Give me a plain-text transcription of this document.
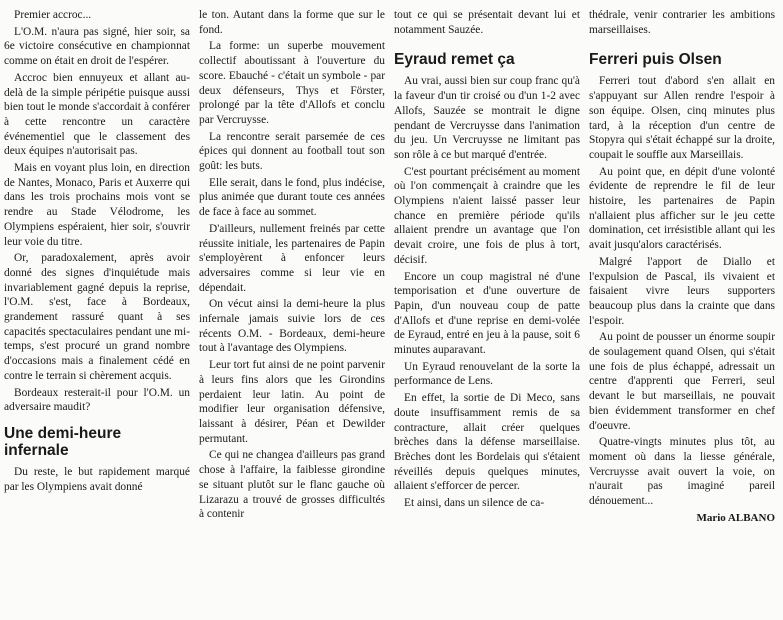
Premier accroc...

L'O.M. n'aura pas signé, hier soir, sa 6e victoire consécutive en championnat comme on était en droit de l'espérer.

Accroc bien ennuyeux et allant au-delà de la simple péripétie puisque aussi bien tout le monde s'accordait à conférer à cette rencontre un caractère événementiel que le classement des deux équipes n'autorisait pas.

Mais en voyant plus loin, en direction de Nantes, Monaco, Paris et Auxerre qui dans les trois prochains mois vont se rendre au Stade Vélodrome, les Olympiens espéraient, hier soir, s'ouvrir leur voie du titre.

Or, paradoxalement, après avoir donné des signes d'inquiétude mais invariablement gagné depuis la reprise, l'O.M. s'est, face à Bordeaux, grandement rassuré quant à ses capacités spectaculaires pendant une mi-temps, s'est procuré un grand nombre d'occasions mais a finalement cédé en contre le terrain si chèrement acquis.

Bordeaux resterait-il pour l'O.M. un adversaire maudit?

Une demi-heure infernale

Du reste, le but rapidement marqué par les Olympiens avait donné

le ton. Autant dans la forme que sur le fond.

La forme: un superbe mouvement collectif aboutissant à l'ouverture du score. Ebauché - c'était un symbole - par deux défenseurs, Thys et Förster, prolongé par la tête d'Allofs et conclu par Vercruysse.

La rencontre serait parsemée de ces épices qui donnent au football tout son goût: les buts.

Elle serait, dans le fond, plus indécise, plus animée que durant toute ces années de face à face au sommet.

D'ailleurs, nullement freinés par cette réussite initiale, les partenaires de Papin s'employèrent à enfoncer leurs adversaires comme si leur vie en dépendait.

On vécut ainsi la demi-heure la plus infernale jamais suivie lors de ces récents O.M. - Bordeaux, demi-heure tout à l'avantage des Olympiens.

Leur tort fut ainsi de ne point parvenir à leurs fins alors que les Girondins perdaient leur latin. Au point de modifier leur organisation défensive, laissant à désirer, Péan et Dewilder permutant.

Ce qui ne changea d'ailleurs pas grand chose à l'affaire, la faiblesse girondine se situant plutôt sur le flanc gauche où Lizarazu a trouvé de grosses difficultés à contenir

tout ce qui se présentait devant lui et notamment Sauzée.

Eyraud remet ça

Au vrai, aussi bien sur coup franc qu'à la faveur d'un tir croisé ou d'un 1-2 avec Allofs, Sauzée se montrait le digne pendant de Vercruysse dans l'animation du jeu. Un Vercruysse ne limitant pas son rôle à ce but marqué d'entrée.

C'est pourtant précisément au moment où l'on commençait à craindre que les Olympiens n'aient laissé passer leur chance en première période qu'ils allaient prendre un avantage que l'on devait croire, une fois de plus à tort, décisif.

Encore un coup magistral né d'une temporisation et d'une ouverture de Papin, d'un nouveau coup de patte d'Allofs et d'une reprise en demi-volée de Eyraud, entré en jeu à la pause, soit 6 minutes auparavant.

Un Eyraud renouvelant de la sorte la performance de Lens.

En effet, la sortie de Di Meco, sans doute insuffisamment remis de sa contracture, allait créer quelques brèches dans la défense marseillaise. Brèches dont les Bordelais qui s'étaient réveillés depuis quelques minutes, allaient s'efforcer de percer.

Et ainsi, dans un silence de ca-

thédrale, venir contrarier les ambitions marseillaises.

Ferreri puis Olsen

Ferreri tout d'abord s'en allait en s'appuyant sur Allen rendre l'espoir à son équipe. Olsen, cinq minutes plus tard, à la réception d'un centre de Stopyra qui s'était échappé sur la droite, coupait le souffle aux Marseillais.

Au point que, en dépit d'une volonté évidente de reprendre le fil de leur histoire, les partenaires de Papin n'allaient plus afficher sur le jeu cette domination, cet irrésistible allant qui les avait jusqu'alors caractérisés.

Malgré l'apport de Diallo et l'expulsion de Pascal, ils vivaient et faisaient vivre leurs supporters beaucoup plus dans la crainte que dans l'espoir.

Au point de pousser un énorme soupir de soulagement quand Olsen, qui s'était une fois de plus échappé, adressait un centre d'apprenti que Ferreri, seul devant le but marseillais, ne pouvait bien évidemment transformer en chef d'oeuvre.

Quatre-vingts minutes plus tôt, au moment où dans la liesse générale, Vercruysse avait ouvert la voie, on n'aurait pas imaginé pareil dénouement...

Mario ALBANO
